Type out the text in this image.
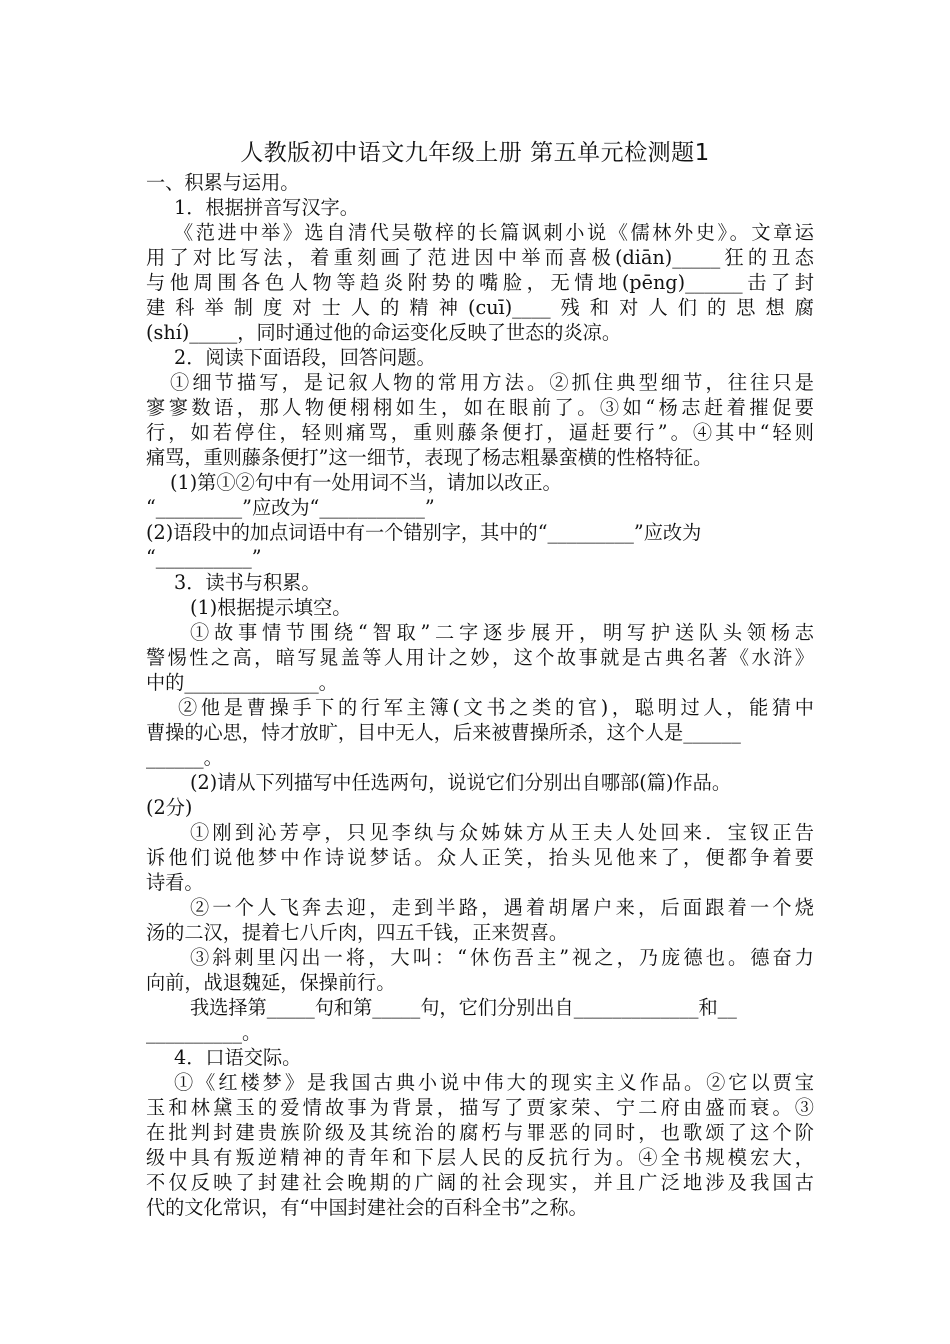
人教版初中语文九年级上册 第五单元检测题1
一、积累与运用。
1．根据拼音写汉字。
《范进中举》选自清代吴敬梓的长篇讽刺小说《儒林外史》。文章运
用了对比写法，着重刻画了范进因中举而喜极(diān)_____狂的丑态
与他周围各色人物等趋炎附势的嘴脸，无情地(pēng)______击了封
建科举制度对士人的精神(cuī)____残和对人们的思想腐
(shí)_____，同时通过他的命运变化反映了世态的炎凉。
2．阅读下面语段，回答问题。
①细节描写，是记叙人物的常用方法。②抓住典型细节，往往只是
寥寥数语，那人物便栩栩如生，如在眼前了。③如“杨志赶着摧促要
行，如若停住，轻则痛骂，重则藤条便打，逼赶要行”。④其中“轻则
痛骂，重则藤条便打”这一细节，表现了杨志粗暴蛮横的性格特征。
(1)第①②句中有一处用词不当，请加以改正。
“_________”应改为“___________”
(2)语段中的加点词语中有一个错别字，其中的“_________”应改为
“__________”
3．读书与积累。
(1)根据提示填空。
①故事情节围绕“智取”二字逐步展开，明写护送队头领杨志
警惕性之高，暗写晁盖等人用计之妙，这个故事就是古典名著《水浒》
中的______________。
②他是曹操手下的行军主簿(文书之类的官)，聪明过人，能猜中
曹操的心思，恃才放旷，目中无人，后来被曹操所杀，这个人是______
______。
(2)请从下列描写中任选两句，说说它们分别出自哪部(篇)作品。
(2分)
①刚到沁芳亭，只见李纨与众姊妹方从王夫人处回来．宝钗正告
诉他们说他梦中作诗说梦话。众人正笑，抬头见他来了，便都争着要
诗看。
②一个人飞奔去迎，走到半路，遇着胡屠户来，后面跟着一个烧
汤的二汉，提着七八斤肉，四五千钱，正来贺喜。
③斜刺里闪出一将，大叫：“休伤吾主”视之，乃庞德也。德奋力
向前，战退魏延，保操前行。
我选择第_____句和第_____句，它们分别出自_____________和__
__________。
4．口语交际。
①《红楼梦》是我国古典小说中伟大的现实主义作品。②它以贾宝
玉和林黛玉的爱情故事为背景，描写了贾家荣、宁二府由盛而衰。③
在批判封建贵族阶级及其统治的腐朽与罪恶的同时，也歌颂了这个阶
级中具有叛逆精神的青年和下层人民的反抗行为。④全书规模宏大，
不仅反映了封建社会晚期的广阔的社会现实，并且广泛地涉及我国古
代的文化常识，有“中国封建社会的百科全书”之称。
